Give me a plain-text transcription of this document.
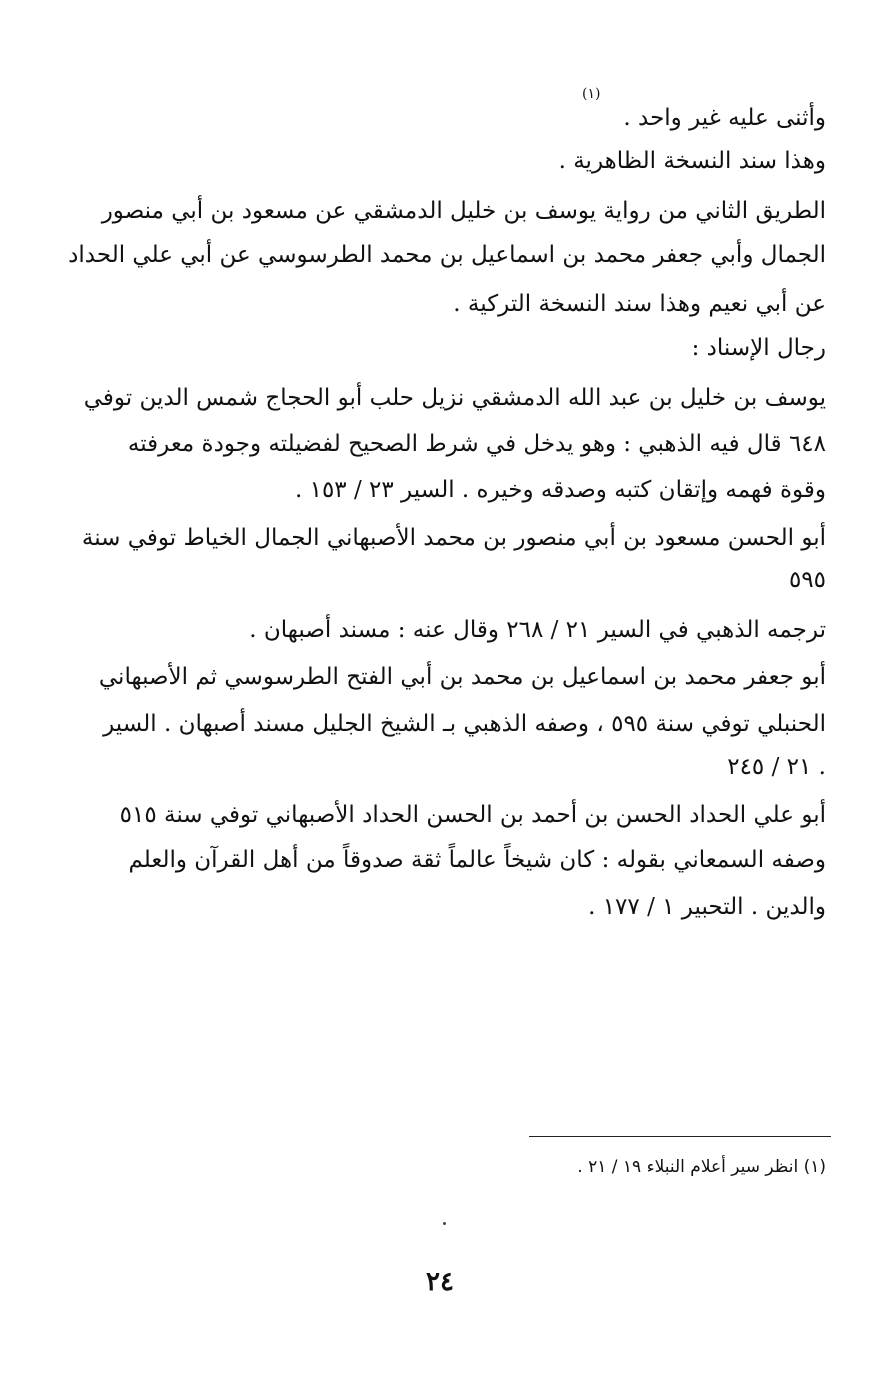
(١)
وأثنى عليه غير واحد .
وهذا سند النسخة الظاهرية .
الطريق الثاني من رواية يوسف بن خليل الدمشقي عن مسعود بن أبي منصور
الجمال وأبي جعفر محمد بن اسماعيل بن محمد الطرسوسي عن أبي علي الحداد
عن أبي نعيم وهذا سند النسخة التركية .
رجال الإسناد :
يوسف بن خليل بن عبد الله الدمشقي نزيل حلب أبو الحجاج شمس الدين توفي
٦٤٨ قال فيه الذهبي : وهو يدخل في شرط الصحيح لفضيلته وجودة معرفته
وقوة فهمه وإتقان كتبه وصدقه وخيره . السير ٢٣ / ١٥٣ .
أبو الحسن مسعود بن أبي منصور بن محمد الأصبهاني الجمال الخياط توفي سنة
٥٩٥
ترجمه الذهبي في السير ٢١ / ٢٦٨ وقال عنه : مسند أصبهان .
أبو جعفر محمد بن اسماعيل بن محمد بن أبي الفتح الطرسوسي ثم الأصبهاني
الحنبلي توفي سنة ٥٩٥ ، وصفه الذهبي بـ الشيخ الجليل مسند أصبهان . السير
٢١ / ٢٤٥ .
أبو علي الحداد الحسن بن أحمد بن الحسن الحداد الأصبهاني توفي سنة ٥١٥
وصفه السمعاني بقوله : كان شيخاً عالماً ثقة صدوقاً من أهل القرآن والعلم
والدين . التحبير ١ / ١٧٧ .
(١) انظر سير أعلام النبلاء ١٩ / ٢١ .
٢٤
